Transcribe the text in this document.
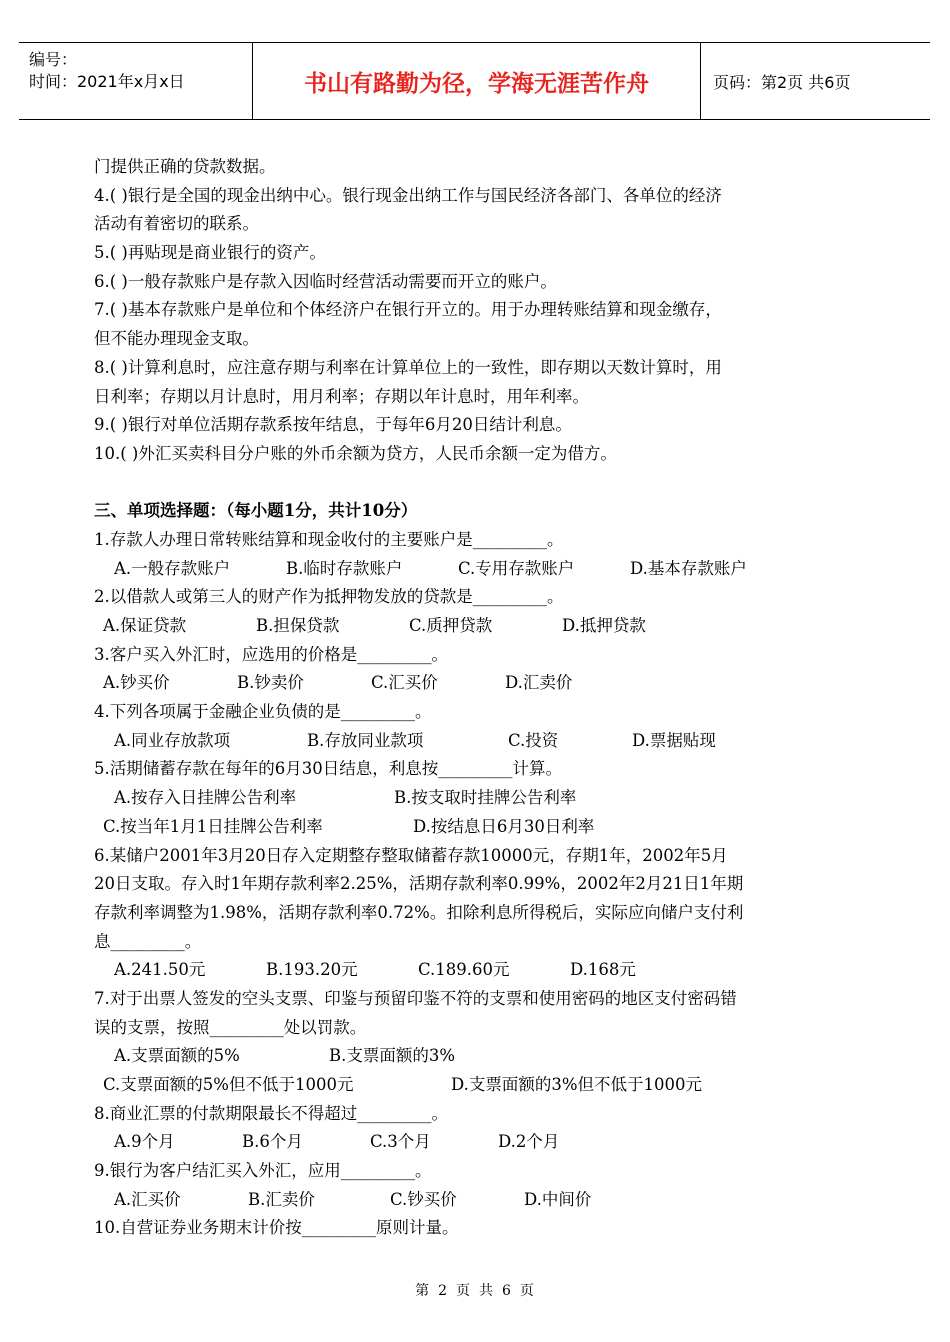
编号：
时间：2021年x月x日	书山有路勤为径，学海无涯苦作舟	页码：第2页 共6页
门提供正确的贷款数据。
4.( )银行是全国的现金出纳中心。银行现金出纳工作与国民经济各部门、各单位的经济
活动有着密切的联系。
5.( )再贴现是商业银行的资产。
6.( )一般存款账户是存款入因临时经营活动需要而开立的账户。
7.( )基本存款账户是单位和个体经济户在银行开立的。用于办理转账结算和现金缴存，
但不能办理现金支取。
8.( )计算利息时，应注意存期与利率在计算单位上的一致性，即存期以天数计算时，用
日利率；存期以月计息时，用月利率；存期以年计息时，用年利率。
9.( )银行对单位活期存款系按年结息，于每年6月20日结计利息。
10.( )外汇买卖科目分户账的外币余额为贷方，人民币余额一定为借方。
三、单项选择题：（每小题1分，共计10分）
1.存款人办理日常转账结算和现金收付的主要账户是_________。
A.一般存款账户	B.临时存款账户	C.专用存款账户	D.基本存款账户
2.以借款人或第三人的财产作为抵押物发放的贷款是_________。
A.保证贷款	B.担保贷款	C.质押贷款	D.抵押贷款
3.客户买入外汇时，应选用的价格是_________。
A.钞买价	B.钞卖价	C.汇买价	D.汇卖价
4.下列各项属于金融企业负债的是_________。
A.同业存放款项	B.存放同业款项	C.投资	D.票据贴现
5.活期储蓄存款在每年的6月30日结息，利息按_________计算。
A.按存入日挂牌公告利率	B.按支取时挂牌公告利率
C.按当年1月1日挂牌公告利率	D.按结息日6月30日利率
6.某储户2001年3月20日存入定期整存整取储蓄存款10000元，存期1年，2002年5月
20日支取。存入时1年期存款利率2.25%，活期存款利率0.99%，2002年2月21日1年期
存款利率调整为1.98%，活期存款利率0.72%。扣除利息所得税后，实际应向储户支付利
息_________。
A.241.50元	B.193.20元	C.189.60元	D.168元
7.对于出票人签发的空头支票、印鉴与预留印鉴不符的支票和使用密码的地区支付密码错
误的支票，按照_________处以罚款。
A.支票面额的5%	B.支票面额的3%
C.支票面额的5%但不低于1000元	D.支票面额的3%但不低于1000元
8.商业汇票的付款期限最长不得超过_________。
A.9个月	B.6个月	C.3个月	D.2个月
9.银行为客户结汇买入外汇，应用_________。
A.汇买价	B.汇卖价	C.钞买价	D.中间价
10.自营证券业务期末计价按_________原则计量。
第 2 页 共 6 页
